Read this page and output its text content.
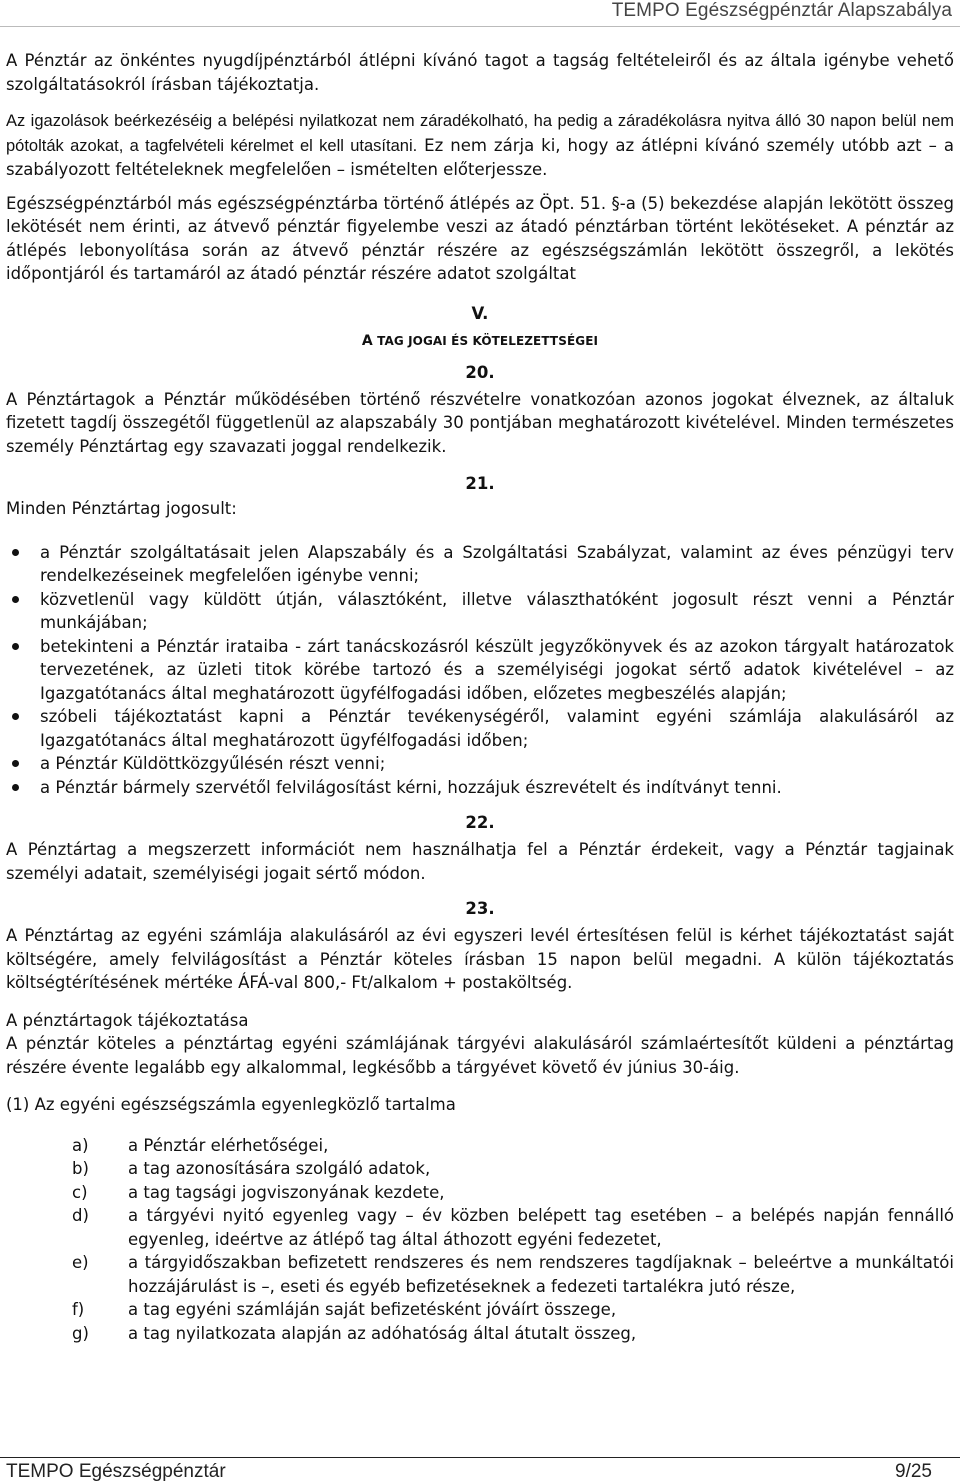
TEMPO Egészségpénztár Alapszabálya

A Pénztár az önkéntes nyugdíjpénztárból átlépni kívánó tagot a tagság feltételeiről és az általa igénybe vehető szolgáltatásokról írásban tájékoztatja.

Az igazolások beérkezéséig a belépési nyilatkozat nem záradékolható, ha pedig a záradékolásra nyitva álló 30 napon belül nem pótolták azokat, a tagfelvételi kérelmet el kell utasítani. Ez nem zárja ki, hogy az átlépni kívánó személy utóbb azt – a szabályozott feltételeknek megfelelően – ismételten előterjessze.

Egészségpénztárból más egészségpénztárba történő átlépés az Öpt. 51. §-a (5) bekezdése alapján lekötött összeg lekötését nem érinti, az átvevő pénztár figyelembe veszi az átadó pénztárban történt lekötéseket. A pénztár az átlépés lebonyolítása során az átvevő pénztár részére az egészségszámlán lekötött összegről, a lekötés időpontjáról és tartamáról az átadó pénztár részére adatot szolgáltat

V.
A TAG JOGAI ÉS KÖTELEZETTSÉGEI
20.

A Pénztártagok a Pénztár működésében történő részvételre vonatkozóan azonos jogokat élveznek, az általuk fizetett tagdíj összegétől függetlenül az alapszabály 30 pontjában meghatározott kivételével. Minden természetes személy Pénztártag egy szavazati joggal rendelkezik.

21.

Minden Pénztártag jogosult:

a Pénztár szolgáltatásait jelen Alapszabály és a Szolgáltatási Szabályzat, valamint az éves pénzügyi terv rendelkezéseinek megfelelően igénybe venni;
közvetlenül vagy küldött útján, választóként, illetve választhatóként jogosult részt venni a Pénztár munkájában;
betekinteni a Pénztár irataiba - zárt tanácskozásról készült jegyzőkönyvek és az azokon tárgyalt határozatok tervezetének, az üzleti titok körébe tartozó és a személyiségi jogokat sértő adatok kivételével – az Igazgatótanács által meghatározott ügyfélfogadási időben, előzetes megbeszélés alapján;
szóbeli tájékoztatást kapni a Pénztár tevékenységéről, valamint egyéni számlája alakulásáról az Igazgatótanács által meghatározott ügyfélfogadási időben;
a Pénztár Küldöttközgyűlésén részt venni;
a Pénztár bármely szervétől felvilágosítást kérni, hozzájuk észrevételt és indítványt tenni.
22.

A Pénztártag a megszerzett információt nem használhatja fel a Pénztár érdekeit, vagy a Pénztár tagjainak személyi adatait, személyiségi jogait sértő módon.

23.

A Pénztártag az egyéni számlája alakulásáról az évi egyszeri levél értesítésen felül is kérhet tájékoztatást saját költségére, amely felvilágosítást a Pénztár köteles írásban 15 napon belül megadni. A külön tájékoztatás költségtérítésének mértéke ÁFÁ-val 800,- Ft/alkalom + postaköltség.

A pénztártagok tájékoztatása

A pénztár köteles a pénztártag egyéni számlájának tárgyévi alakulásáról számlaértesítőt küldeni a pénztártag részére évente legalább egy alkalommal, legkésőbb a tárgyévet követő év június 30-áig.

(1) Az egyéni egészségszámla egyenlegközlő tartalma

a) a Pénztár elérhetőségei,
b) a tag azonosítására szolgáló adatok,
c) a tag tagsági jogviszonyának kezdete,
d) a tárgyévi nyitó egyenleg vagy – év közben belépett tag esetében – a belépés napján fennálló egyenleg, ideértve az átlépő tag által áthozott egyéni fedezetet,
e) a tárgyidőszakban befizetett rendszeres és nem rendszeres tagdíjaknak – beleértve a munkáltatói hozzájárulást is –, eseti és egyéb befizetéseknek a fedezeti tartalékra jutó része,
f)	a tag egyéni számláján saját befizetésként jóváírt összege,
g) a tag nyilatkozata alapján az adóhatóság által átutalt összeg,
TEMPO Egészségpénztár	9/25
